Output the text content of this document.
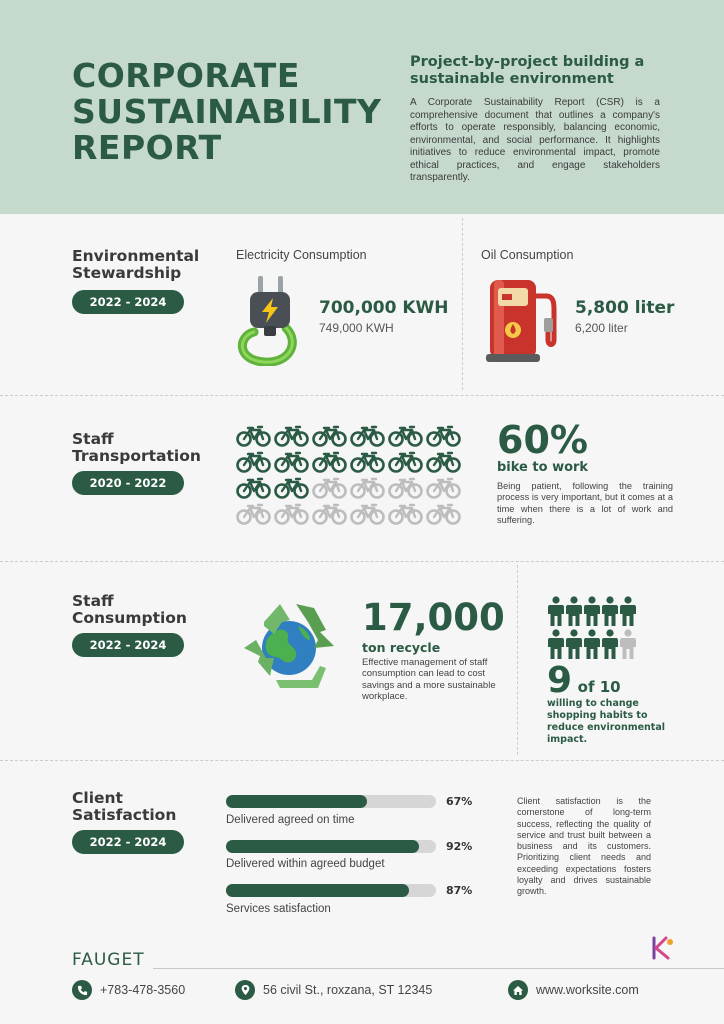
CORPORATE
SUSTAINABILITY
REPORT
Project-by-project building a
sustainable environment
A Corporate Sustainability Report (CSR) is a comprehensive document that outlines a company's efforts to operate responsibly, balancing economic, environmental, and social performance. It highlights initiatives to reduce environmental impact, promote ethical practices, and engage stakeholders transparently.
Environmental
Stewardship
2022 - 2024
Electricity Consumption
700,000 KWH
749,000 KWH
Oil Consumption
5,800 liter
6,200 liter
Staff
Transportation
2020 - 2022
60%
bike to work
Being patient, following the training process is very important, but it comes at a time when there is a lot of work and suffering.
Staff
Consumption
2022 - 2024
17,000
ton recycle
Effective management of staff consumption can lead to cost savings and a more sustainable workplace.	9 of 10
willing to change shopping habits to reduce environmental impact.
Client
Satisfaction
2022 - 2024
67%
Delivered agreed on time
92%
Delivered within agreed budget
87%
Services satisfaction
Client satisfaction is the cornerstone of long-term success, reflecting the quality of service and trust built between a business and its customers. Prioritizing client needs and exceeding expectations fosters loyalty and drives sustainable growth.
FAUGET
+783-478-3560	56 civil St., roxzana, ST 12345	www.worksite.com
